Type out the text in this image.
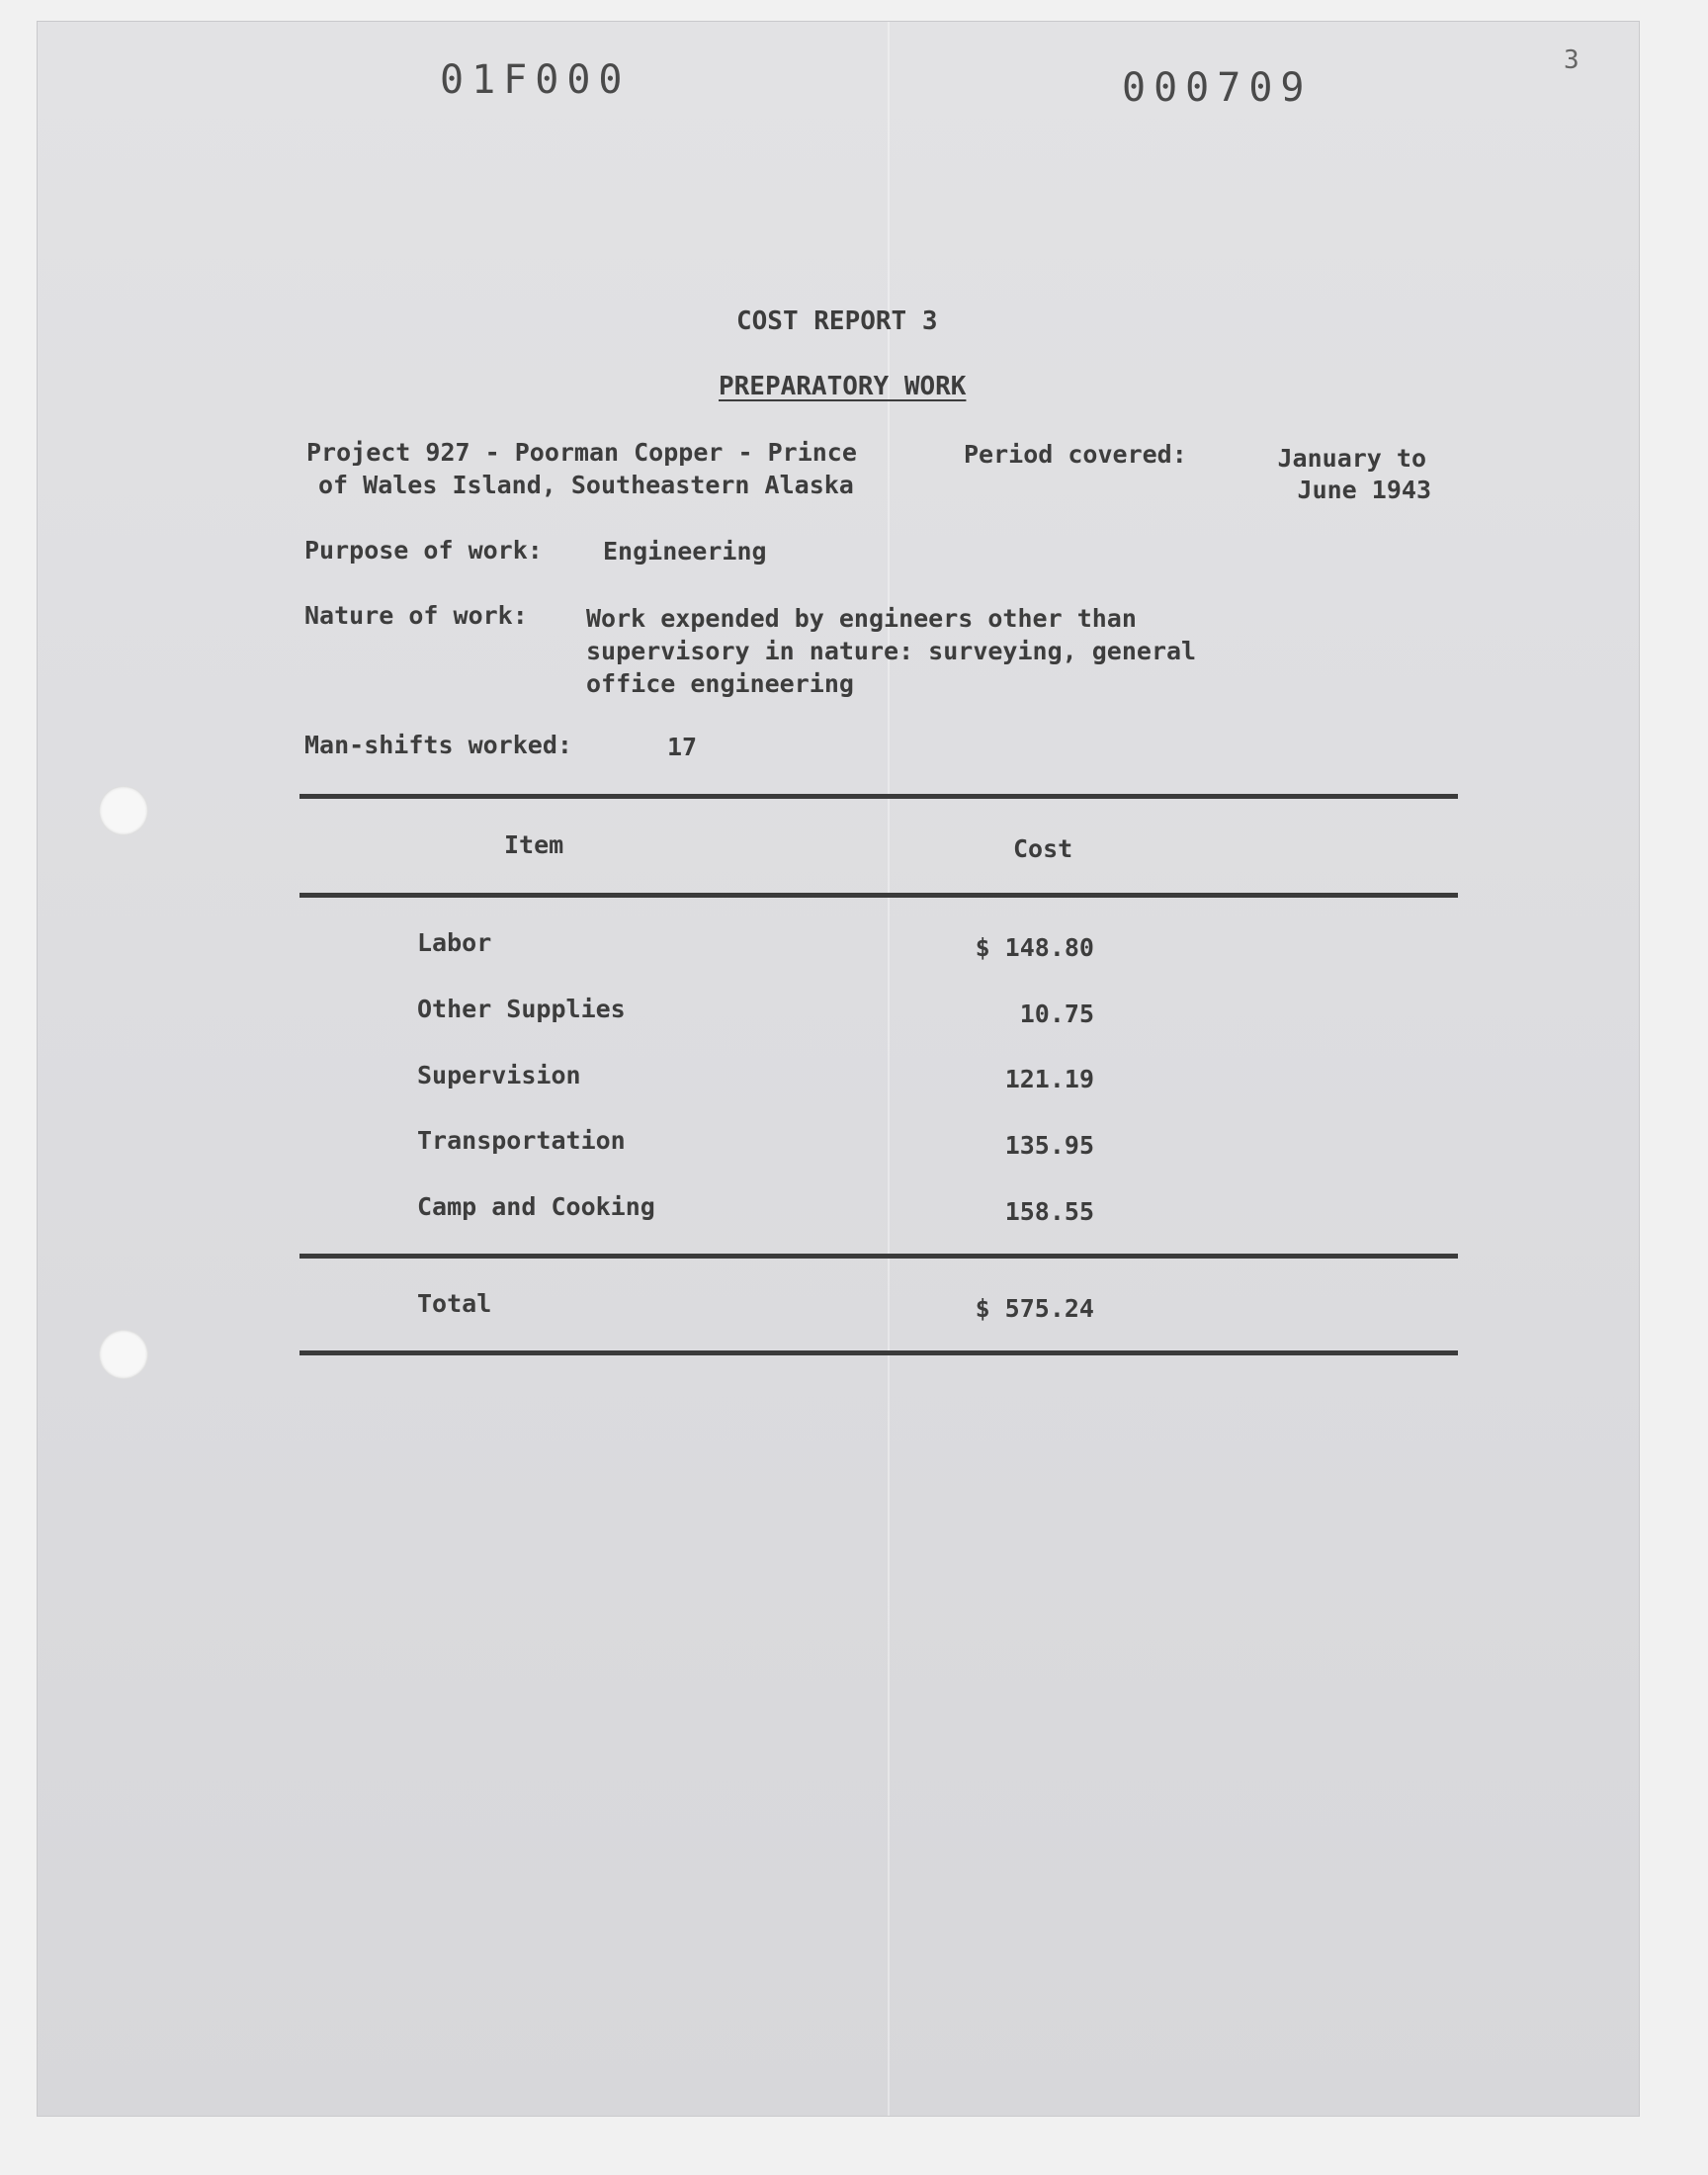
01F000	000709
3
COST REPORT 3
PREPARATORY WORK
Project 927 - Poorman Copper - Prince
of Wales Island, Southeastern Alaska
Period covered:	January to
June 1943
Purpose of work: Engineering
Nature of work: Work expended by engineers other than
supervisory in nature: surveying, general
office engineering
Man-shifts worked:	17
Item	Cost
Labor	$ 148.80
Other Supplies	10.75
Supervision	121.19
Transportation	135.95
Camp and Cooking	158.55
Total	$ 575.24
